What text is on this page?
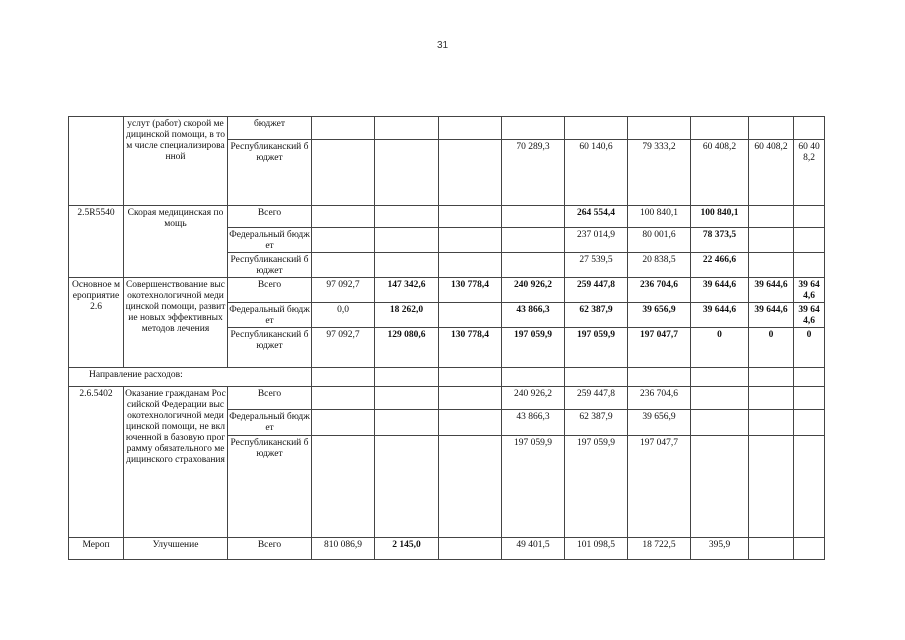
31
	услут (работ) скорой медицинской помощи, в том числе специализированной	бюджет									
		Республиканский бюджет				70 289,3	60 140,6	79 333,2	60 408,2	60 408,2	60 408,2
2.5R5540	Скорая медицинская помощь	Всего					264 554,4	100 840,1	100 840,1		
		Федеральный бюджет					237 014,9	80 001,6	78 373,5		
		Республиканский бюджет					27 539,5	20 838,5	22 466,6		
Основное мероприятие 2.6	Совершенствование высокотехнологичной медицинской помощи, развитие новых эффективных методов лечения	Всего	97 092,7	147 342,6	130 778,4	240 926,2	259 447,8	236 704,6	39 644,6	39 644,6	39 644,6
		Федеральный бюджет	0,0	18 262,0		43 866,3	62 387,9	39 656,9	39 644,6	39 644,6	39 644,6
		Республиканский бюджет	97 092,7	129 080,6	130 778,4	197 059,9	197 059,9	197 047,7	0	0	0
Направление расходов:											
2.6.5402	Оказание гражданам Российской Федерации высокотехнологичной медицинской помощи, не включенной в базовую программу обязательного медицинского страхования	Всего				240 926,2	259 447,8	236 704,6			
		Федеральный бюджет				43 866,3	62 387,9	39 656,9			
		Республиканский бюджет				197 059,9	197 059,9	197 047,7			
Мероп	Улучшение	Всего	810 086,9	2 145,0		49 401,5	101 098,5	18 722,5	395,9		
